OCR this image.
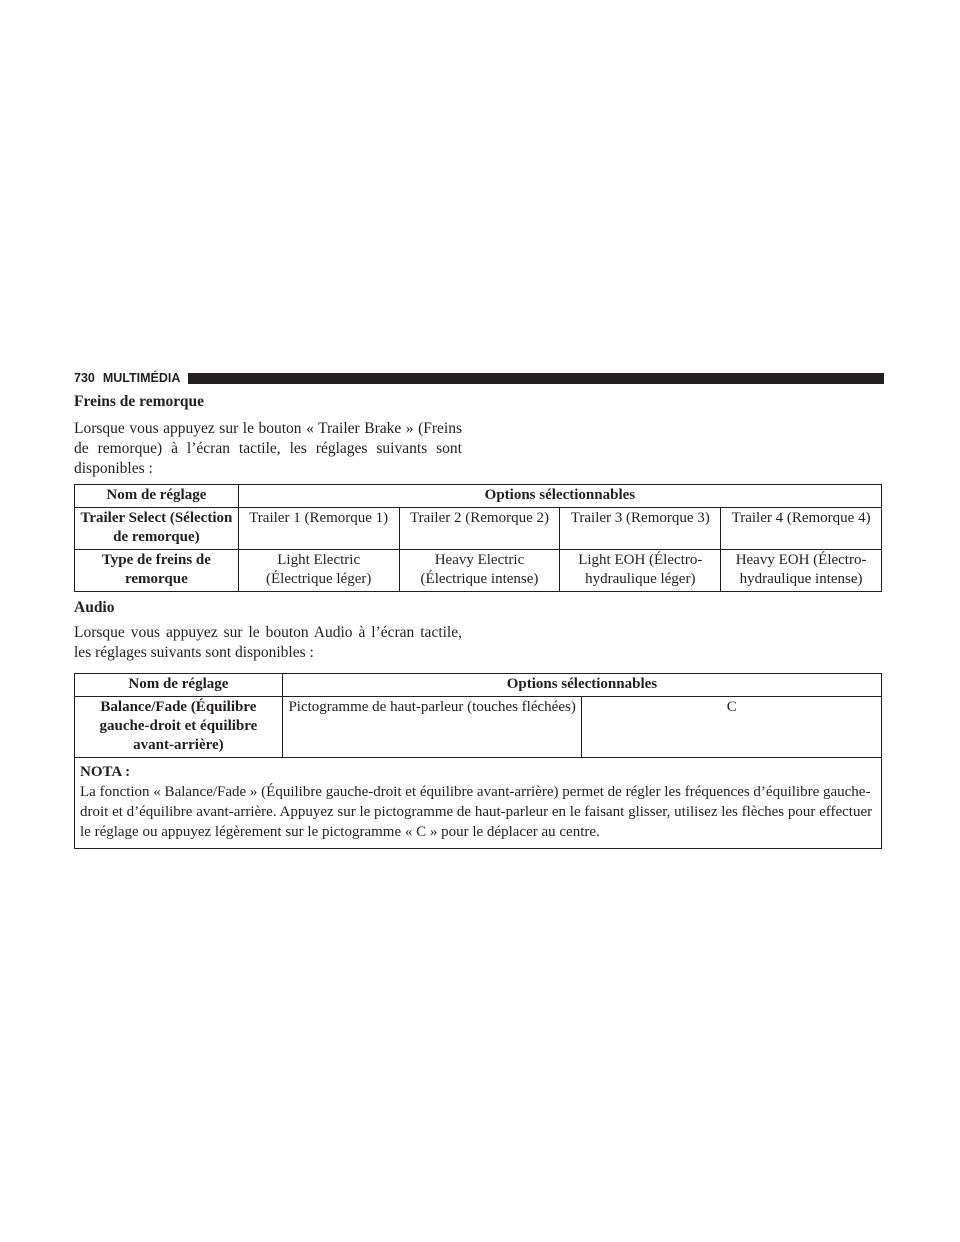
730 MULTIMÉDIA
Freins de remorque

Lorsque vous appuyez sur le bouton « Trailer Brake » (Freins de remorque) à l’écran tactile, les réglages suivants sont disponibles :

Nom de réglage	Options sélectionnables			
Trailer Select (Sélection de remorque)	Trailer 1 (Remorque 1)	Trailer 2 (Remorque 2)	Trailer 3 (Remorque 3)	Trailer 4 (Remorque 4)
Type de freins de remorque	Light Electric (Électrique léger)	Heavy Electric (Électrique intense)	Light EOH (Électro-hydraulique léger)	Heavy EOH (Électro-hydraulique intense)
Audio

Lorsque vous appuyez sur le bouton Audio à l’écran tactile, les réglages suivants sont disponibles :

Nom de réglage	Options sélectionnables	
Balance/Fade (Équilibre gauche-droit et équilibre avant-arrière)	Pictogramme de haut-parleur (touches fléchées)	C

NOTA :
La fonction « Balance/Fade » (Équilibre gauche-droit et équilibre avant-arrière) permet de régler les fréquences d’équilibre gauche-droit et d’équilibre avant-arrière. Appuyez sur le pictogramme de haut-parleur en le faisant glisser, utilisez les flèches pour effectuer le réglage ou appuyez légèrement sur le pictogramme « C » pour le déplacer au centre.		
